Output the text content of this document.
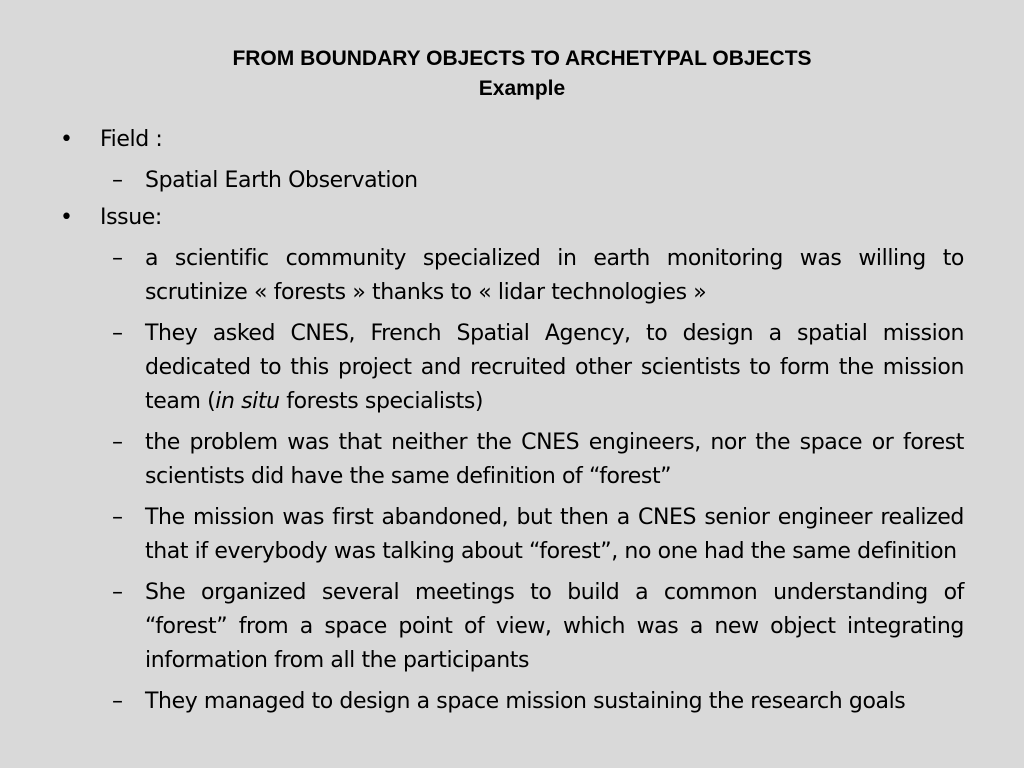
FROM BOUNDARY OBJECTS TO ARCHETYPAL OBJECTS
Example
•	Field :
–	Spatial Earth Observation
•	Issue:
–	a scientific community specialized in earth monitoring was willing to scrutinize « forests » thanks to « lidar technologies »
–	They asked CNES, French Spatial Agency, to design a spatial mission dedicated to this project and recruited other scientists to form the mission team (in situ forests specialists)
–	the problem was that neither the CNES engineers, nor the space or forest scientists did have the same definition of “forest”
–	The mission was first abandoned, but then a CNES senior engineer realized that if everybody was talking about “forest”, no one had the same definition
–	She organized several meetings to build a common understanding of “forest” from a space point of view, which was a new object integrating information from all the participants
–	They managed to design a space mission sustaining the research goals
